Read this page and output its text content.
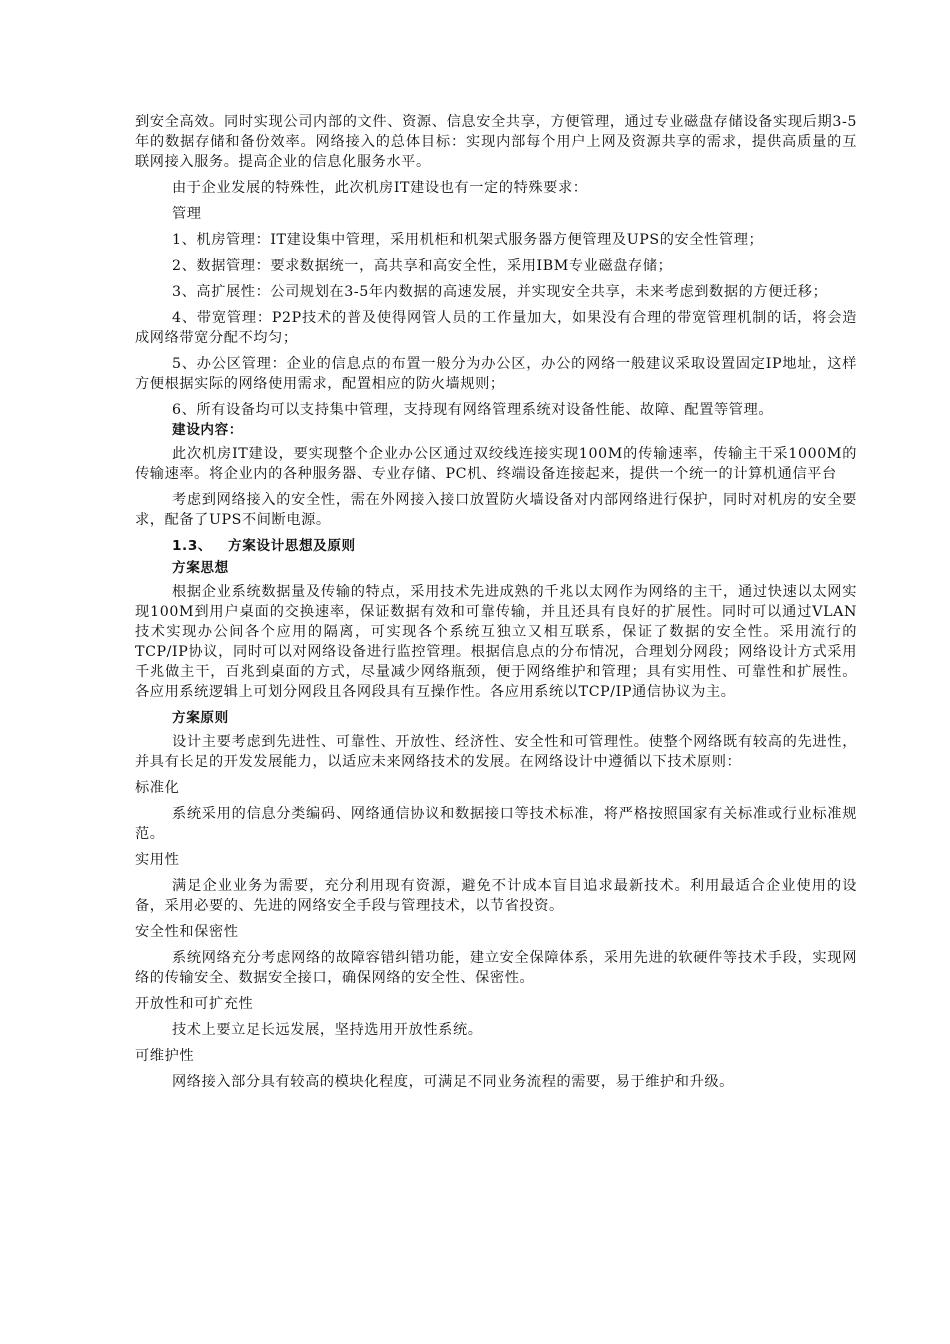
到安全高效。同时实现公司内部的文件、资源、信息安全共享，方便管理，通过专业磁盘存储设备实现后期3-5年的数据存储和备份效率。网络接入的总体目标：实现内部每个用户上网及资源共享的需求，提供高质量的互联网接入服务。提高企业的信息化服务水平。

由于企业发展的特殊性，此次机房IT建设也有一定的特殊要求：

管理

1、机房管理：IT建设集中管理，采用机柜和机架式服务器方便管理及UPS的安全性管理；

2、数据管理：要求数据统一，高共享和高安全性，采用IBM专业磁盘存储；

3、高扩展性：公司规划在3-5年内数据的高速发展，并实现安全共享，未来考虑到数据的方便迁移；

4、带宽管理：P2P技术的普及使得网管人员的工作量加大，如果没有合理的带宽管理机制的话，将会造成网络带宽分配不均匀；

5、办公区管理：企业的信息点的布置一般分为办公区，办公的网络一般建议采取设置固定IP地址，这样方便根据实际的网络使用需求，配置相应的防火墙规则；

6、所有设备均可以支持集中管理，支持现有网络管理系统对设备性能、故障、配置等管理。

建设内容：

此次机房IT建设，要实现整个企业办公区通过双绞线连接实现100M的传输速率，传输主干采1000M的传输速率。将企业内的各种服务器、专业存储、PC机、终端设备连接起来，提供一个统一的计算机通信平台

考虑到网络接入的安全性，需在外网接入接口放置防火墙设备对内部网络进行保护，同时对机房的安全要求，配备了UPS不间断电源。

1.3、 方案设计思想及原则
方案思想

根据企业系统数据量及传输的特点，采用技术先进成熟的千兆以太网作为网络的主干，通过快速以太网实现100M到用户桌面的交换速率，保证数据有效和可靠传输，并且还具有良好的扩展性。同时可以通过VLAN技术实现办公间各个应用的隔离，可实现各个系统互独立又相互联系，保证了数据的安全性。采用流行的TCP/IP协议，同时可以对网络设备进行监控管理。根据信息点的分布情况，合理划分网段；网络设计方式采用千兆做主干，百兆到桌面的方式，尽量减少网络瓶颈，便于网络维护和管理；具有实用性、可靠性和扩展性。各应用系统逻辑上可划分网段且各网段具有互操作性。各应用系统以TCP/IP通信协议为主。

方案原则

设计主要考虑到先进性、可靠性、开放性、经济性、安全性和可管理性。使整个网络既有较高的先进性，并具有长足的开发发展能力，以适应未来网络技术的发展。在网络设计中遵循以下技术原则：

标准化

系统采用的信息分类编码、网络通信协议和数据接口等技术标准，将严格按照国家有关标准或行业标准规范。

实用性

满足企业业务为需要，充分利用现有资源，避免不计成本盲目追求最新技术。利用最适合企业使用的设备，采用必要的、先进的网络安全手段与管理技术，以节省投资。

安全性和保密性

系统网络充分考虑网络的故障容错纠错功能，建立安全保障体系，采用先进的软硬件等技术手段，实现网络的传输安全、数据安全接口，确保网络的安全性、保密性。

开放性和可扩充性

技术上要立足长远发展，坚持选用开放性系统。

可维护性

网络接入部分具有较高的模块化程度，可满足不同业务流程的需要，易于维护和升级。
